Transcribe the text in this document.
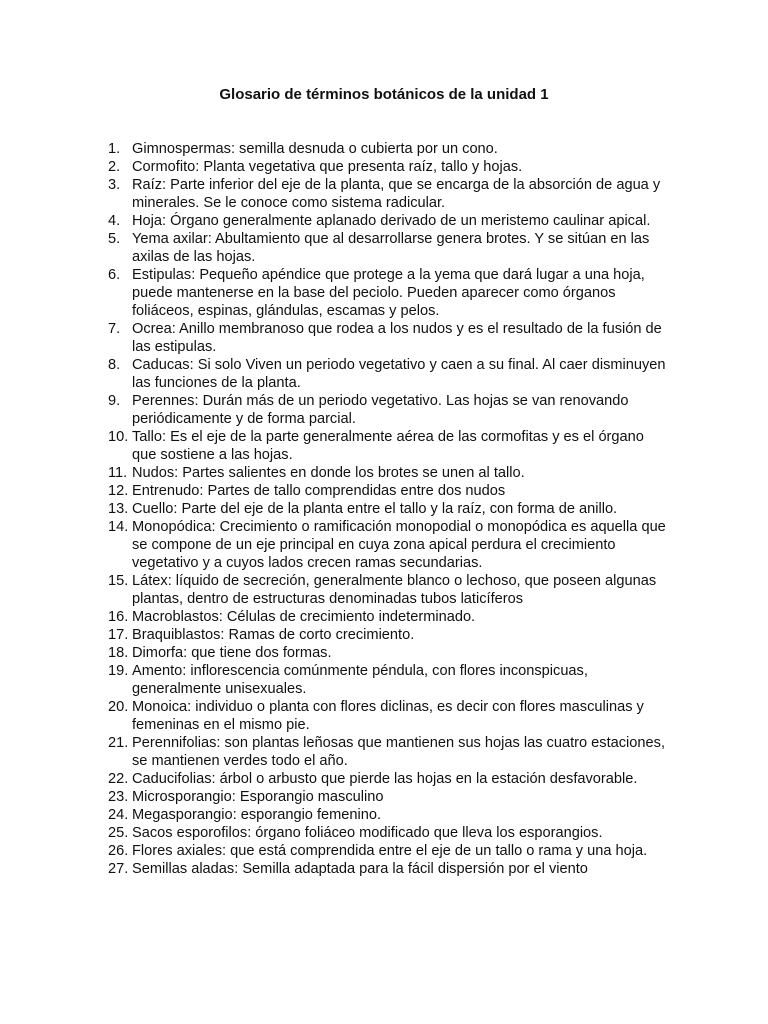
Glosario de términos botánicos de la unidad 1
1. Gimnospermas: semilla desnuda o cubierta por un cono.
2. Cormofito: Planta vegetativa que presenta raíz, tallo y hojas.
3. Raíz: Parte inferior del eje de la planta, que se encarga de la absorción de agua y minerales. Se le conoce como sistema radicular.
4. Hoja: Órgano generalmente aplanado derivado de un meristemo caulinar apical.
5. Yema axilar: Abultamiento que al desarrollarse genera brotes. Y se sitúan en las axilas de las hojas.
6. Estipulas: Pequeño apéndice que protege a la yema que dará lugar a una hoja, puede mantenerse en la base del peciolo. Pueden aparecer como órganos foliáceos, espinas, glándulas, escamas y pelos.
7. Ocrea: Anillo membranoso que rodea a los nudos y es el resultado de la fusión de las estipulas.
8. Caducas: Si solo Viven un periodo vegetativo y caen a su final. Al caer disminuyen las funciones de la planta.
9. Perennes: Durán más de un periodo vegetativo. Las hojas se van renovando periódicamente y de forma parcial.
10. Tallo: Es el eje de la parte generalmente aérea de las cormofitas y es el órgano que sostiene a las hojas.
11. Nudos: Partes salientes en donde los brotes se unen al tallo.
12. Entrenudo: Partes de tallo comprendidas entre dos nudos
13. Cuello: Parte del eje de la planta entre el tallo y la raíz, con forma de anillo.
14. Monopódica: Crecimiento o ramificación monopodial o monopódica es aquella que se compone de un eje principal en cuya zona apical perdura el crecimiento vegetativo y a cuyos lados crecen ramas secundarias.
15. Látex: líquido de secreción, generalmente blanco o lechoso, que poseen algunas plantas, dentro de estructuras denominadas tubos laticíferos
16. Macroblastos: Células de crecimiento indeterminado.
17. Braquiblastos: Ramas de corto crecimiento.
18. Dimorfa: que tiene dos formas.
19. Amento: inflorescencia comúnmente péndula, con flores inconspicuas, generalmente unisexuales.
20. Monoica: individuo o planta con flores diclinas, es decir con flores masculinas y femeninas en el mismo pie.
21. Perennifolias: son plantas leñosas que mantienen sus hojas las cuatro estaciones, se mantienen verdes todo el año.
22. Caducifolias: árbol o arbusto que pierde las hojas en la estación desfavorable.
23. Microsporangio: Esporangio masculino
24. Megasporangio: esporangio femenino.
25. Sacos esporofilos: órgano foliáceo modificado que lleva los esporangios.
26. Flores axiales: que está comprendida entre el eje de un tallo o rama y una hoja.
27. Semillas aladas: Semilla adaptada para la fácil dispersión por el viento
